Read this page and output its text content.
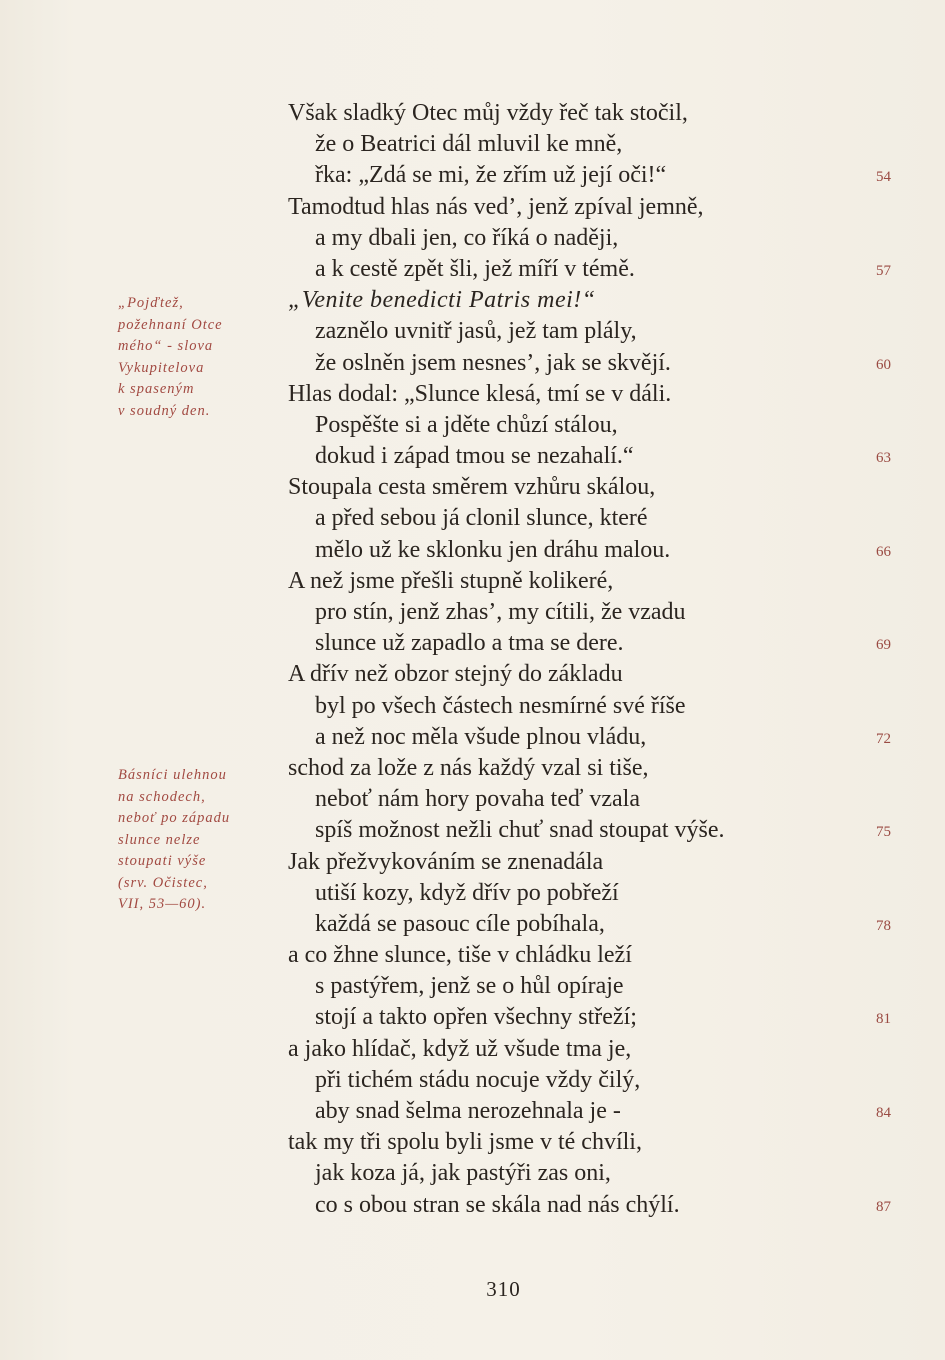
„Pojďtež,
požehnaní Otce
mého“ - slova
Vykupitelova
k spaseným
v soudný den.
Básníci ulehnou
na schodech,
neboť po západu
slunce nelze
stoupati výše
(srv. Očistec,
VII, 53—60).
Však sladký Otec můj vždy řeč tak stočil,
že o Beatrici dál mluvil ke mně,
řka: „Zdá se mi, že zřím už její oči!“	54
Tamodtud hlas nás ved’, jenž zpíval jemně,
a my dbali jen, co říká o naději,
a k cestě zpět šli, jež míří v témě.	57
„Venite benedicti Patris mei!“
zaznělo uvnitř jasů, jež tam plály,
že oslněn jsem nesnes’, jak se skvějí.	60
Hlas dodal: „Slunce klesá, tmí se v dáli.
Pospěšte si a jděte chůzí stálou,
dokud i západ tmou se nezahalí.“	63
Stoupala cesta směrem vzhůru skálou,
a před sebou já clonil slunce, které
mělo už ke sklonku jen dráhu malou.	66
A než jsme přešli stupně kolikeré,
pro stín, jenž zhas’, my cítili, že vzadu
slunce už zapadlo a tma se dere.	69
A dřív než obzor stejný do základu
byl po všech částech nesmírné své říše
a než noc měla všude plnou vládu,	72
schod za lože z nás každý vzal si tiše,
neboť nám hory povaha teď vzala
spíš možnost nežli chuť snad stoupat výše.	75
Jak přežvykováním se znenadála
utiší kozy, když dřív po pobřeží
každá se pasouc cíle pobíhala,	78
a co žhne slunce, tiše v chládku leží
s pastýřem, jenž se o hůl opíraje
stojí a takto opřen všechny střeží;	81
a jako hlídač, když už všude tma je,
při tichém stádu nocuje vždy čilý,
aby snad šelma nerozehnala je -	84
tak my tři spolu byli jsme v té chvíli,
jak koza já, jak pastýři zas oni,
co s obou stran se skála nad nás chýlí.	87
310
